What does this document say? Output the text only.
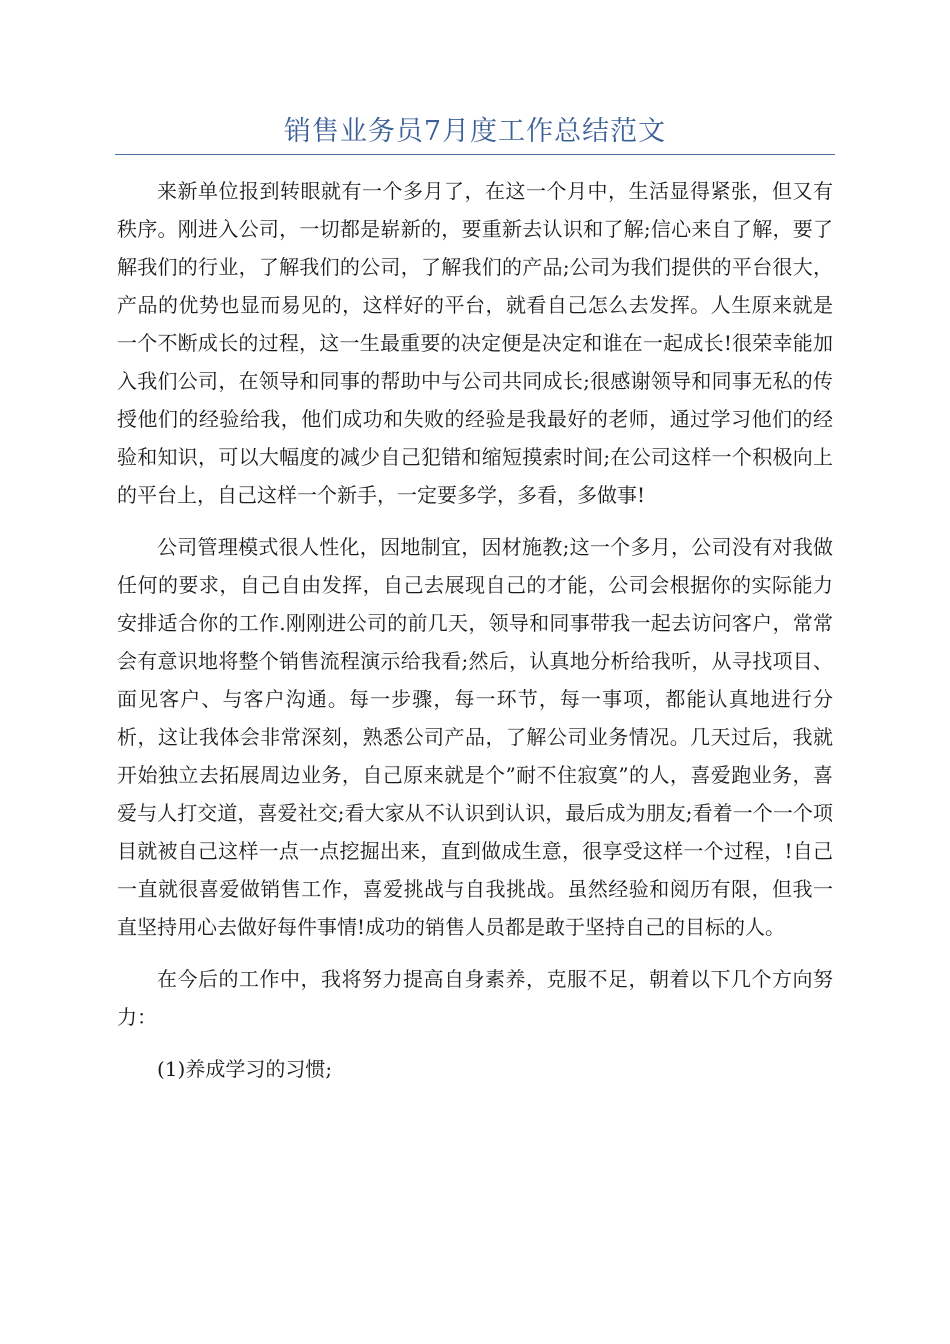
销售业务员7月度工作总结范文

来新单位报到转眼就有一个多月了，在这一个月中，生活显得紧张，但又有秩序。刚进入公司，一切都是崭新的，要重新去认识和了解;信心来自了解，要了解我们的行业，了解我们的公司，了解我们的产品;公司为我们提供的平台很大，产品的优势也显而易见的，这样好的平台，就看自己怎么去发挥。人生原来就是一个不断成长的过程，这一生最重要的决定便是决定和谁在一起成长!很荣幸能加入我们公司，在领导和同事的帮助中与公司共同成长;很感谢领导和同事无私的传授他们的经验给我，他们成功和失败的经验是我最好的老师，通过学习他们的经验和知识，可以大幅度的减少自己犯错和缩短摸索时间;在公司这样一个积极向上的平台上，自己这样一个新手，一定要多学，多看，多做事!

公司管理模式很人性化，因地制宜，因材施教;这一个多月，公司没有对我做任何的要求，自己自由发挥，自己去展现自己的才能，公司会根据你的实际能力安排适合你的工作.刚刚进公司的前几天，领导和同事带我一起去访问客户，常常会有意识地将整个销售流程演示给我看;然后，认真地分析给我听，从寻找项目、面见客户、与客户沟通。每一步骤，每一环节，每一事项，都能认真地进行分析，这让我体会非常深刻，熟悉公司产品，了解公司业务情况。几天过后，我就开始独立去拓展周边业务，自己原来就是个”耐不住寂寞”的人，喜爱跑业务，喜爱与人打交道，喜爱社交;看大家从不认识到认识，最后成为朋友;看着一个一个项目就被自己这样一点一点挖掘出来，直到做成生意，很享受这样一个过程，!自己一直就很喜爱做销售工作，喜爱挑战与自我挑战。虽然经验和阅历有限，但我一直坚持用心去做好每件事情!成功的销售人员都是敢于坚持自己的目标的人。

在今后的工作中，我将努力提高自身素养，克服不足，朝着以下几个方向努力：

(1)养成学习的习惯;
